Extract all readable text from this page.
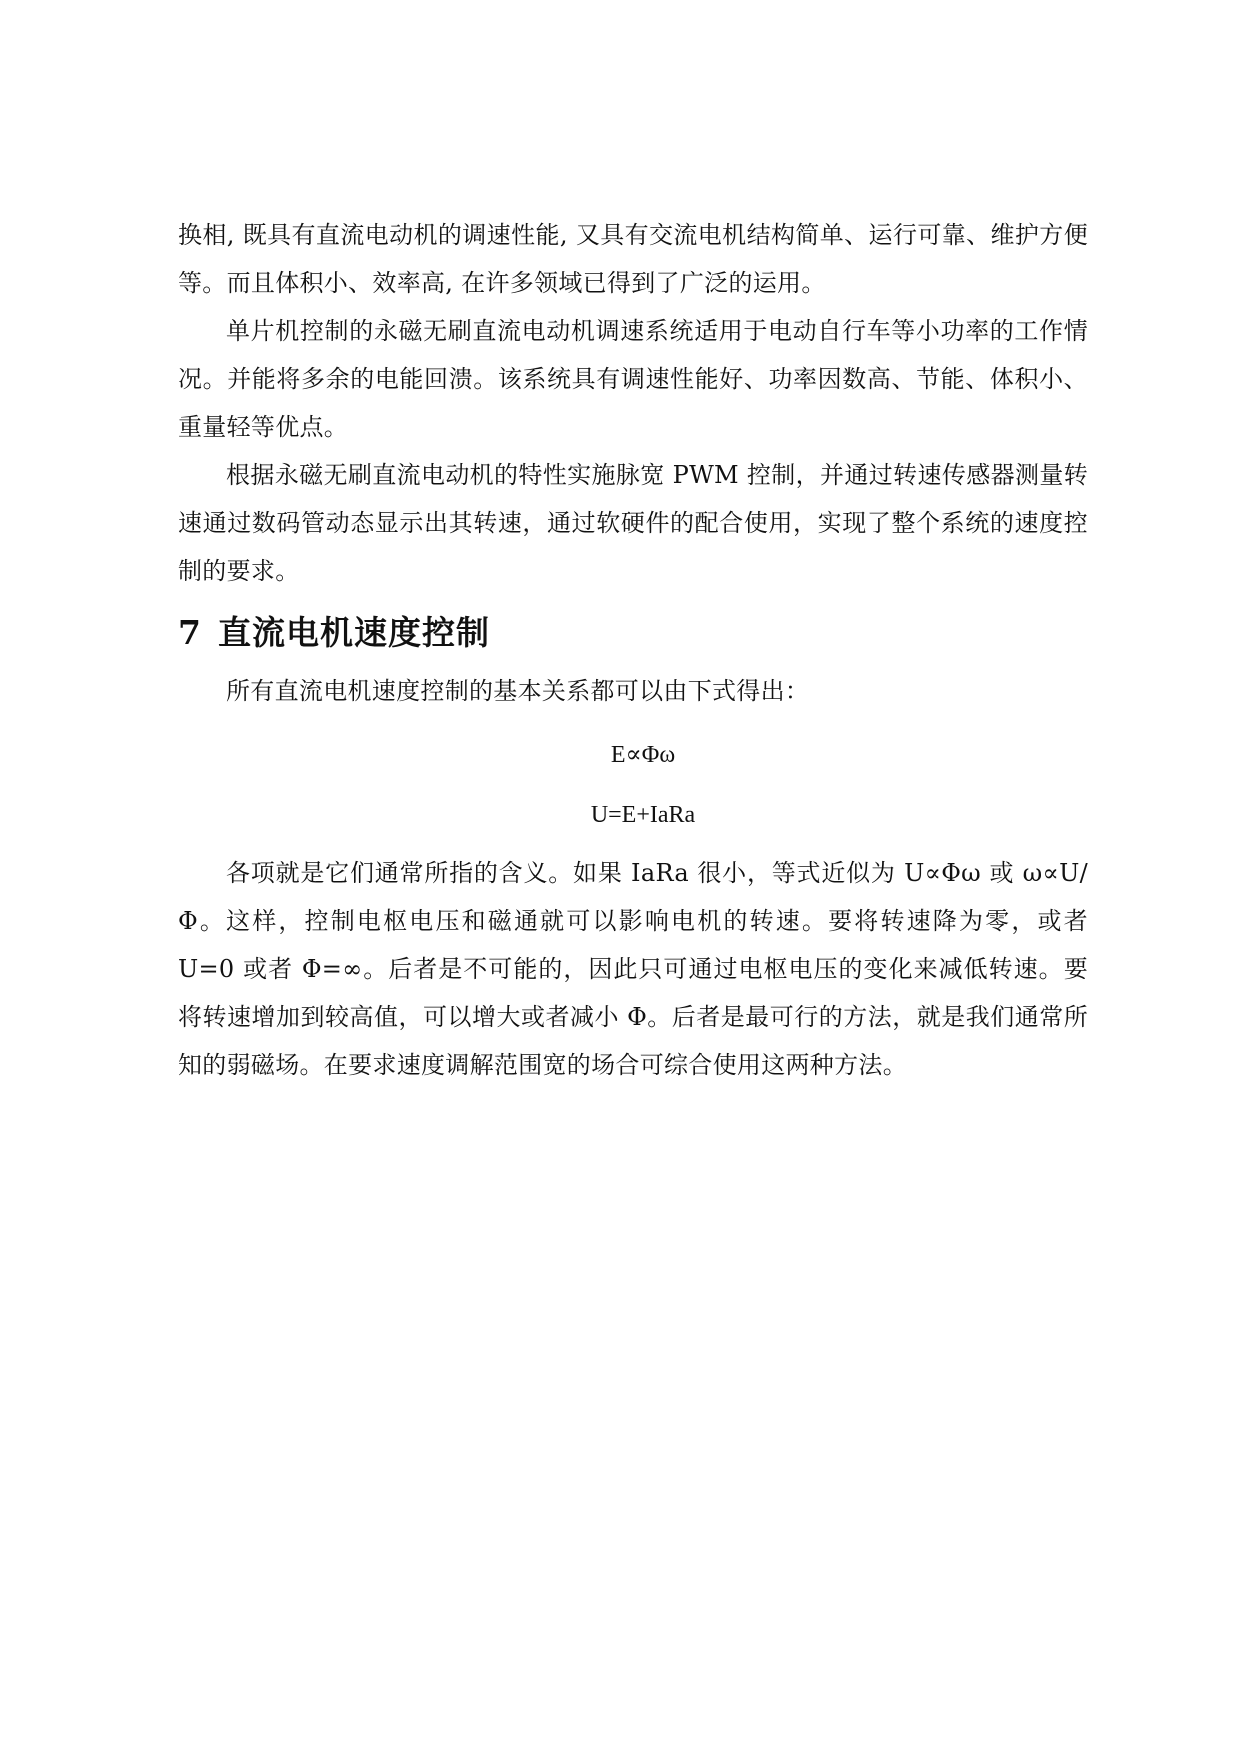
换相, 既具有直流电动机的调速性能, 又具有交流电机结构简单、运行可靠、维护方便等。而且体积小、效率高, 在许多领域已得到了广泛的运用。

单片机控制的永磁无刷直流电动机调速系统适用于电动自行车等小功率的工作情况。并能将多余的电能回溃。该系统具有调速性能好、功率因数高、节能、体积小、重量轻等优点。

根据永磁无刷直流电动机的特性实施脉宽 PWM 控制，并通过转速传感器测量转速通过数码管动态显示出其转速，通过软硬件的配合使用，实现了整个系统的速度控制的要求。

7 直流电机速度控制

所有直流电机速度控制的基本关系都可以由下式得出：

E∝Φω

U=E+IaRa

各项就是它们通常所指的含义。如果 IaRa 很小，等式近似为 U∝Φω 或 ω∝U/Φ。这样，控制电枢电压和磁通就可以影响电机的转速。要将转速降为零，或者 U=0 或者 Φ=∞。后者是不可能的，因此只可通过电枢电压的变化来减低转速。要将转速增加到较高值，可以增大或者减小 Φ。后者是最可行的方法，就是我们通常所知的弱磁场。在要求速度调解范围宽的场合可综合使用这两种方法。
